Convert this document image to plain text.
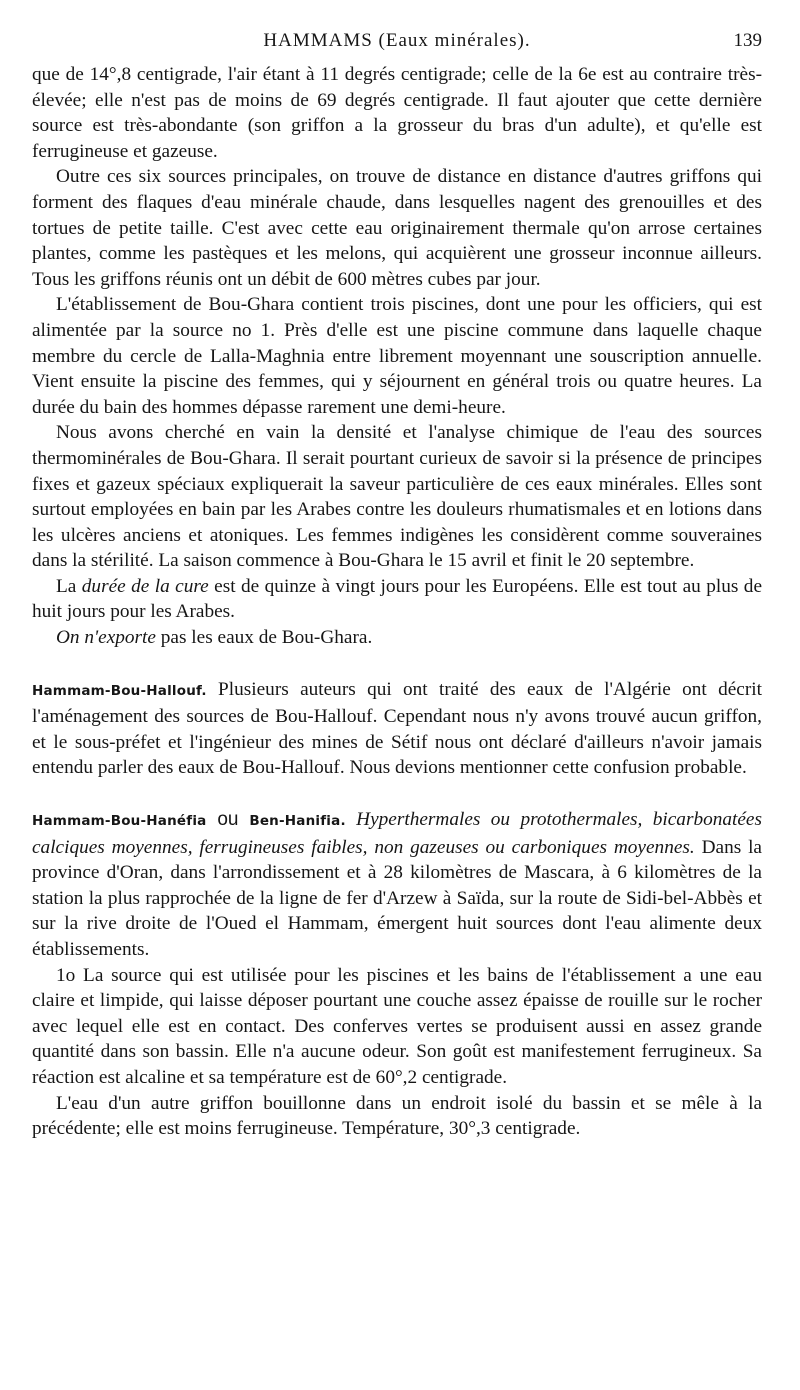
HAMMAMS (Eaux minérales).	139

que de 14°,8 centigrade, l'air étant à 11 degrés centigrade; celle de la 6e est au contraire très-élevée; elle n'est pas de moins de 69 degrés centigrade. Il faut ajouter que cette dernière source est très-abondante (son griffon a la grosseur du bras d'un adulte), et qu'elle est ferrugineuse et gazeuse.

Outre ces six sources principales, on trouve de distance en distance d'autres griffons qui forment des flaques d'eau minérale chaude, dans lesquelles nagent des grenouilles et des tortues de petite taille. C'est avec cette eau originairement thermale qu'on arrose certaines plantes, comme les pastèques et les melons, qui acquièrent une grosseur inconnue ailleurs. Tous les griffons réunis ont un débit de 600 mètres cubes par jour.

L'établissement de Bou-Ghara contient trois piscines, dont une pour les officiers, qui est alimentée par la source no 1. Près d'elle est une piscine commune dans laquelle chaque membre du cercle de Lalla-Maghnia entre librement moyennant une souscription annuelle. Vient ensuite la piscine des femmes, qui y séjournent en général trois ou quatre heures. La durée du bain des hommes dépasse rarement une demi-heure.

Nous avons cherché en vain la densité et l'analyse chimique de l'eau des sources thermominérales de Bou-Ghara. Il serait pourtant curieux de savoir si la présence de principes fixes et gazeux spéciaux expliquerait la saveur particulière de ces eaux minérales. Elles sont surtout employées en bain par les Arabes contre les douleurs rhumatismales et en lotions dans les ulcères anciens et atoniques. Les femmes indigènes les considèrent comme souveraines dans la stérilité. La saison commence à Bou-Ghara le 15 avril et finit le 20 septembre.

La durée de la cure est de quinze à vingt jours pour les Européens. Elle est tout au plus de huit jours pour les Arabes.

On n'exporte pas les eaux de Bou-Ghara.

Hammam-Bou-Hallouf. Plusieurs auteurs qui ont traité des eaux de l'Algérie ont décrit l'aménagement des sources de Bou-Hallouf. Cependant nous n'y avons trouvé aucun griffon, et le sous-préfet et l'ingénieur des mines de Sétif nous ont déclaré d'ailleurs n'avoir jamais entendu parler des eaux de Bou-Hallouf. Nous devions mentionner cette confusion probable.

Hammam-Bou-Hanéfia ou Ben-Hanifia. Hyperthermales ou protothermales, bicarbonatées calciques moyennes, ferrugineuses faibles, non gazeuses ou carboniques moyennes. Dans la province d'Oran, dans l'arrondissement et à 28 kilomètres de Mascara, à 6 kilomètres de la station la plus rapprochée de la ligne de fer d'Arzew à Saïda, sur la route de Sidi-bel-Abbès et sur la rive droite de l'Oued el Hammam, émergent huit sources dont l'eau alimente deux établissements.

1o La source qui est utilisée pour les piscines et les bains de l'établissement a une eau claire et limpide, qui laisse déposer pourtant une couche assez épaisse de rouille sur le rocher avec lequel elle est en contact. Des conferves vertes se produisent aussi en assez grande quantité dans son bassin. Elle n'a aucune odeur. Son goût est manifestement ferrugineux. Sa réaction est alcaline et sa température est de 60°,2 centigrade.

L'eau d'un autre griffon bouillonne dans un endroit isolé du bassin et se mêle à la précédente; elle est moins ferrugineuse. Température, 30°,3 centigrade.
